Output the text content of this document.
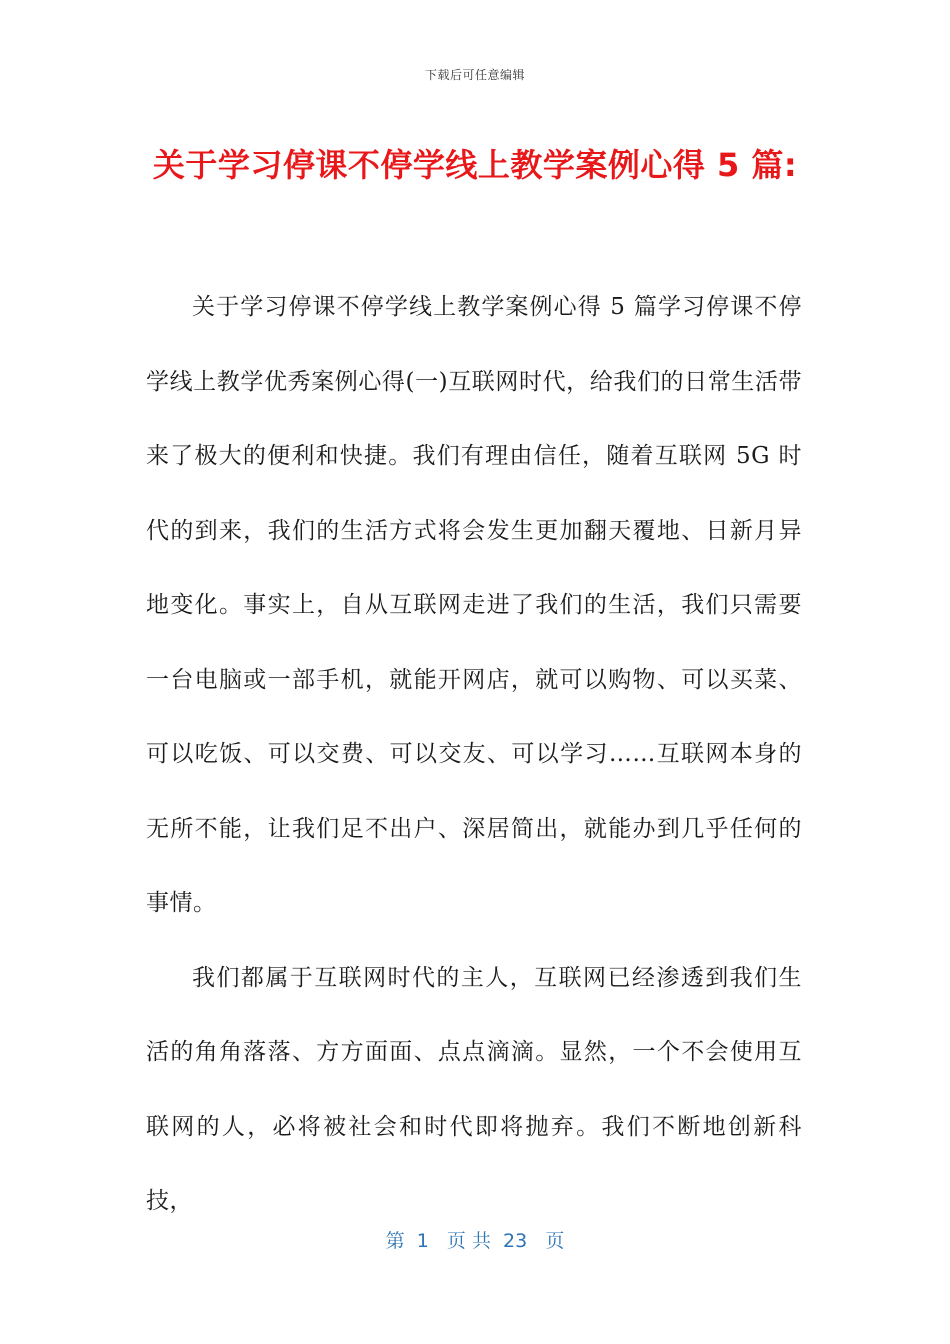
下载后可任意编辑
关于学习停课不停学线上教学案例心得 5 篇:

关于学习停课不停学线上教学案例心得 5 篇学习停课不停学线上教学优秀案例心得(一)互联网时代，给我们的日常生活带来了极大的便利和快捷。我们有理由信任，随着互联网 5G 时代的到来，我们的生活方式将会发生更加翻天覆地、日新月异地变化。事实上，自从互联网走进了我们的生活，我们只需要一台电脑或一部手机，就能开网店，就可以购物、可以买菜、可以吃饭、可以交费、可以交友、可以学习……互联网本身的无所不能，让我们足不出户、深居简出，就能办到几乎任何的事情。

我们都属于互联网时代的主人，互联网已经渗透到我们生活的角角落落、方方面面、点点滴滴。显然，一个不会使用互联网的人，必将被社会和时代即将抛弃。我们不断地创新科技，

第  1   页 共  23   页
